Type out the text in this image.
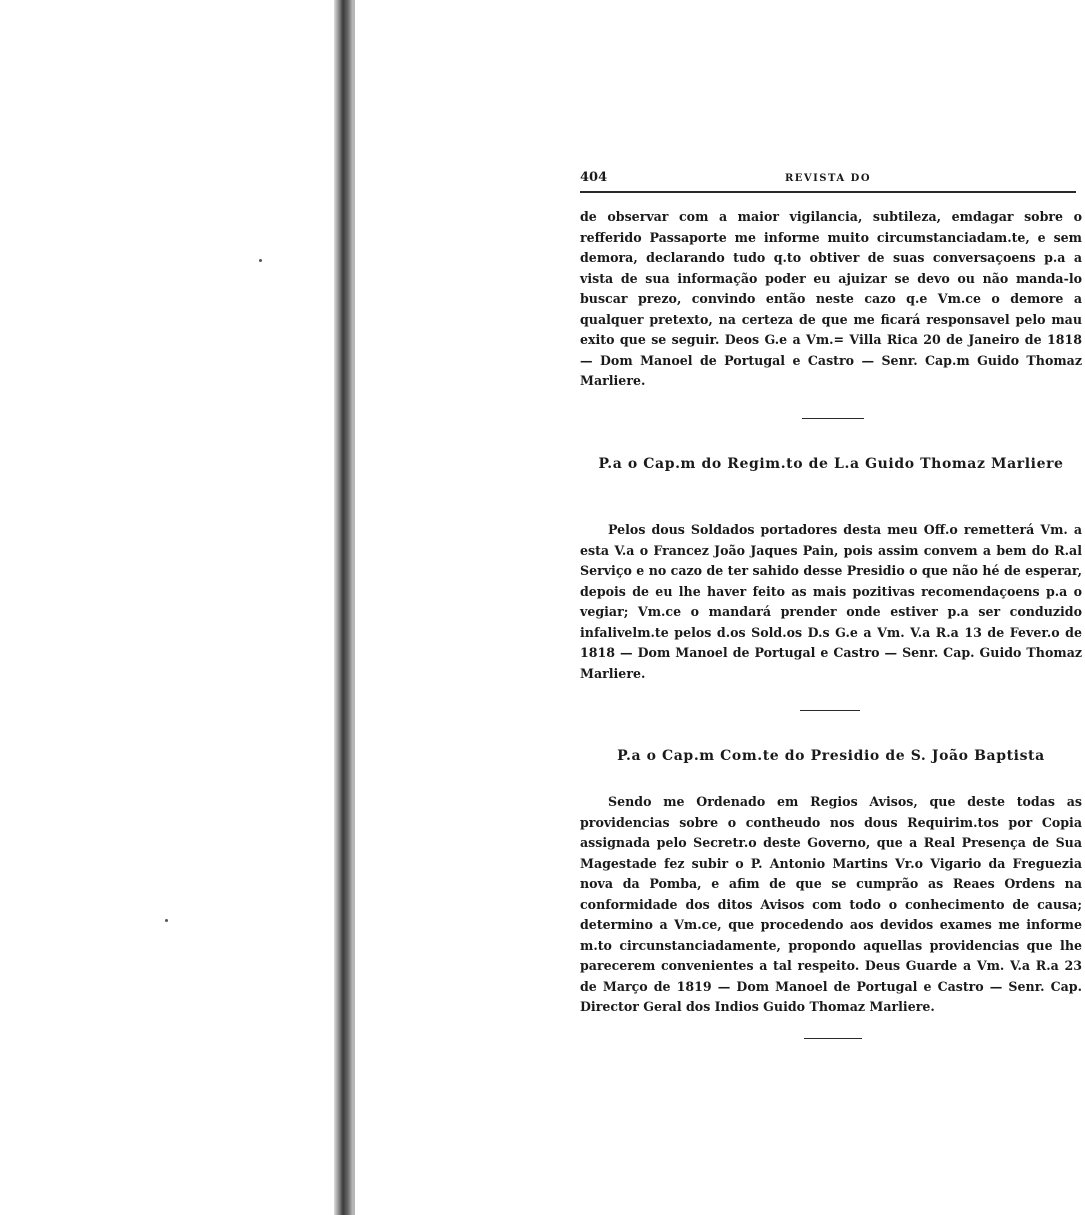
404	REVISTA DO

de observar com a maior vigilancia, subtileza, emdagar sobre o refferido Passaporte me informe muito circumstanciadam.te, e sem demora, declarando tudo q.to obtiver de suas conversaçoens p.a a vista de sua informação poder eu ajuizar se devo ou não manda-lo buscar prezo, convindo então neste cazo q.e Vm.ce o demore a qualquer pretexto, na certeza de que me ficará responsavel pelo mau exito que se seguir. Deos G.e a Vm.= Villa Rica 20 de Janeiro de 1818 — Dom Manoel de Portugal e Castro — Senr. Cap.m Guido Thomaz Marliere.

P.a o Cap.m do Regim.to de L.a Guido Thomaz Marliere

Pelos dous Soldados portadores desta meu Off.o remetterá Vm. a esta V.a o Francez João Jaques Pain, pois assim convem a bem do R.al Serviço e no cazo de ter sahido desse Presidio o que não hé de esperar, depois de eu lhe haver feito as mais pozitivas recomendaçoens p.a o vegiar; Vm.ce o mandará prender onde estiver p.a ser conduzido infalivelm.te pelos d.os Sold.os D.s G.e a Vm. V.a R.a 13 de Fever.o de 1818 — Dom Manoel de Portugal e Castro — Senr. Cap. Guido Thomaz Marliere.

P.a o Cap.m Com.te do Presidio de S. João Baptista

Sendo me Ordenado em Regios Avisos, que deste todas as providencias sobre o contheudo nos dous Requirim.tos por Copia assignada pelo Secretr.o deste Governo, que a Real Presença de Sua Magestade fez subir o P. Antonio Martins Vr.o Vigario da Freguezia nova da Pomba, e afim de que se cumprão as Reaes Ordens na conformidade dos ditos Avisos com todo o conhecimento de causa; determino a Vm.ce, que procedendo aos devidos exames me informe m.to circunstanciadamente, propondo aquellas providencias que lhe parecerem convenientes a tal respeito. Deus Guarde a Vm. V.a R.a 23 de Março de 1819 — Dom Manoel de Portugal e Castro — Senr. Cap. Director Geral dos Indios Guido Thomaz Marliere.
